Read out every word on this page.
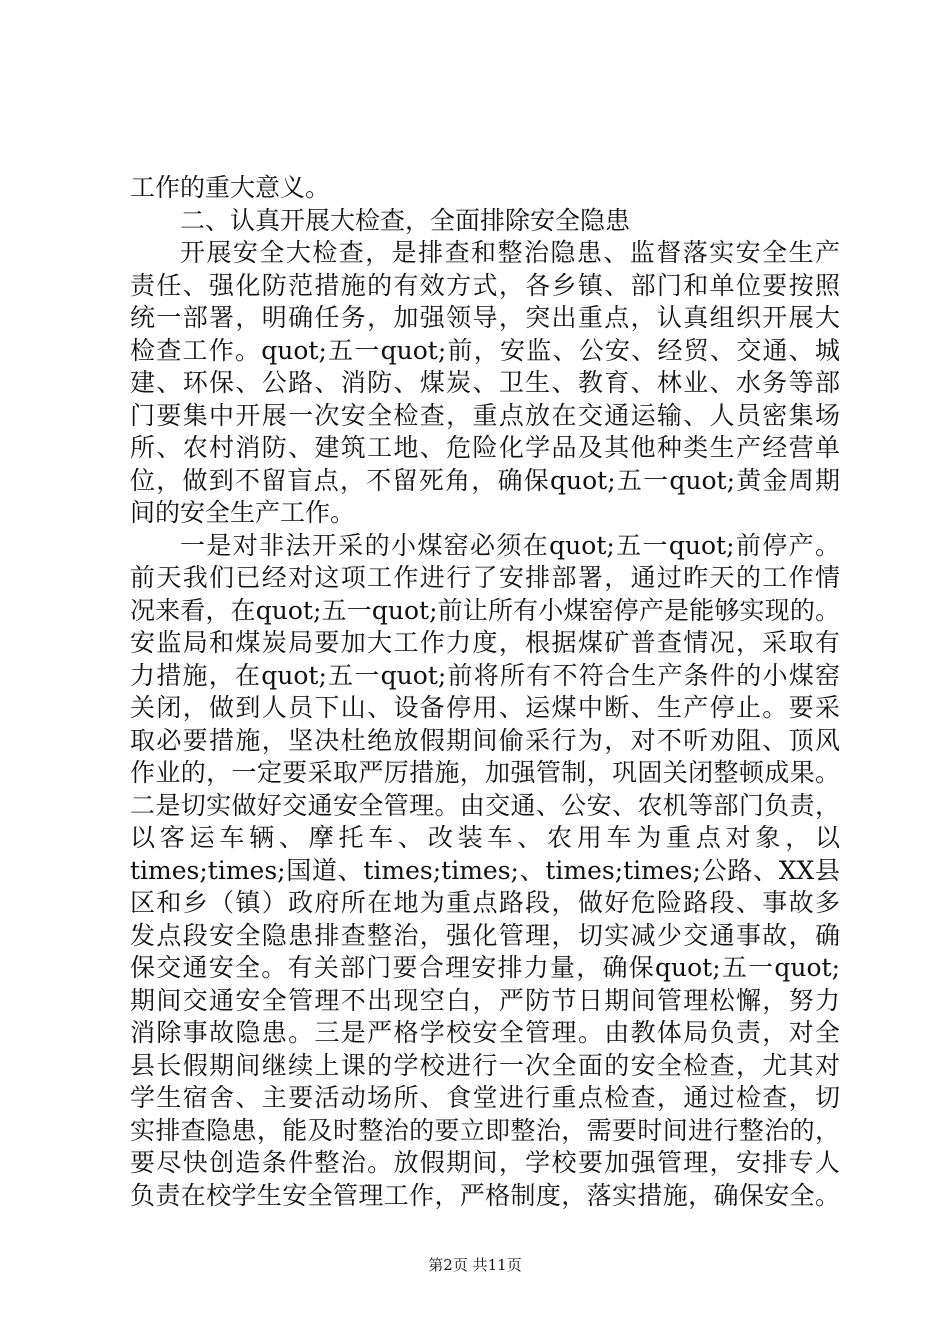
工作的重大意义。
二、认真开展大检查，全面排除安全隐患
开展安全大检查，是排查和整治隐患、监督落实安全生产
责任、强化防范措施的有效方式，各乡镇、部门和单位要按照
统一部署，明确任务，加强领导，突出重点，认真组织开展大
检查工作。quot;五一quot;前，安监、公安、经贸、交通、城
建、环保、公路、消防、煤炭、卫生、教育、林业、水务等部
门要集中开展一次安全检查，重点放在交通运输、人员密集场
所、农村消防、建筑工地、危险化学品及其他种类生产经营单
位，做到不留盲点，不留死角，确保quot;五一quot;黄金周期
间的安全生产工作。
一是对非法开采的小煤窑必须在quot;五一quot;前停产。
前天我们已经对这项工作进行了安排部署，通过昨天的工作情
况来看，在quot;五一quot;前让所有小煤窑停产是能够实现的。
安监局和煤炭局要加大工作力度，根据煤矿普查情况，采取有
力措施，在quot;五一quot;前将所有不符合生产条件的小煤窑
关闭，做到人员下山、设备停用、运煤中断、生产停止。要采
取必要措施，坚决杜绝放假期间偷采行为，对不听劝阻、顶风
作业的，一定要采取严厉措施，加强管制，巩固关闭整顿成果。
二是切实做好交通安全管理。由交通、公安、农机等部门负责，
以客运车辆、摩托车、改装车、农用车为重点对象，以
times;times;国道、times;times;、times;times;公路、XX县
区和乡（镇）政府所在地为重点路段，做好危险路段、事故多
发点段安全隐患排查整治，强化管理，切实减少交通事故，确
保交通安全。有关部门要合理安排力量，确保quot;五一quot;
期间交通安全管理不出现空白，严防节日期间管理松懈，努力
消除事故隐患。三是严格学校安全管理。由教体局负责，对全
县长假期间继续上课的学校进行一次全面的安全检查，尤其对
学生宿舍、主要活动场所、食堂进行重点检查，通过检查，切
实排查隐患，能及时整治的要立即整治，需要时间进行整治的，
要尽快创造条件整治。放假期间，学校要加强管理，安排专人
负责在校学生安全管理工作，严格制度，落实措施，确保安全。
第2页 共11页
